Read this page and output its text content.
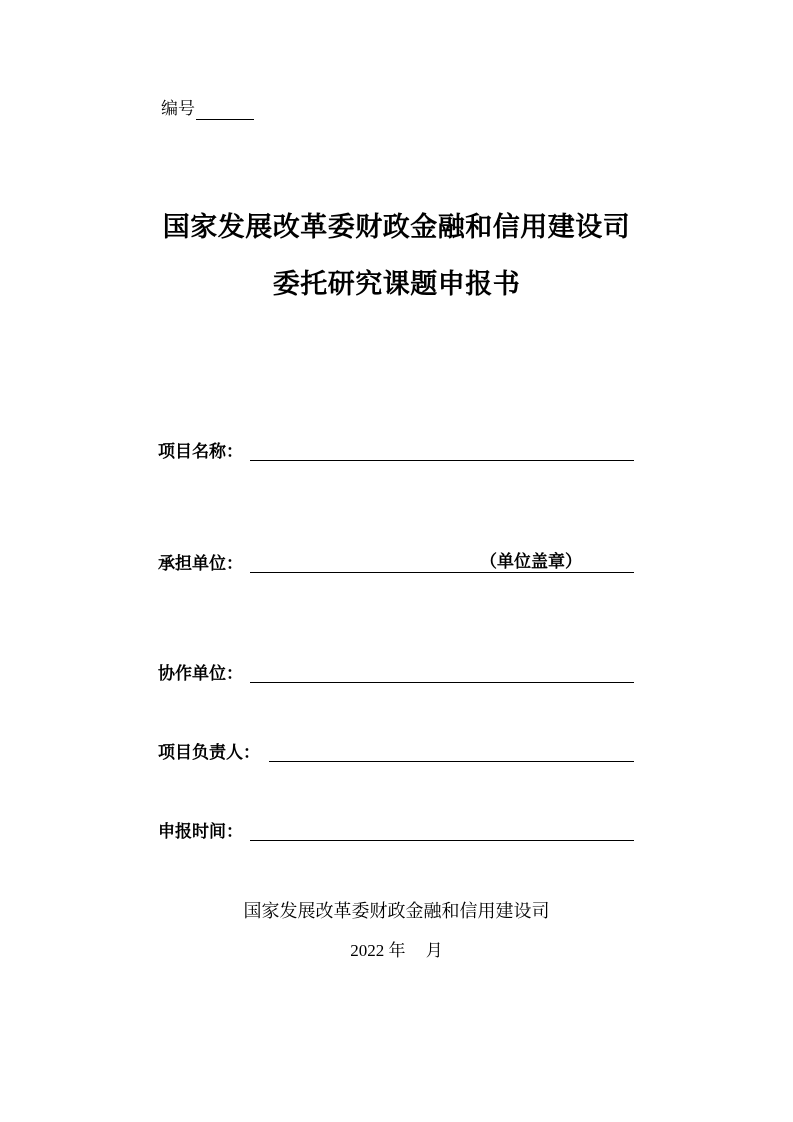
编号
国家发展改革委财政金融和信用建设司
委托研究课题申报书
项目名称：
承担单位：	（单位盖章）
协作单位：
项目负责人：
申报时间：
国家发展改革委财政金融和信用建设司
2022 年 月
